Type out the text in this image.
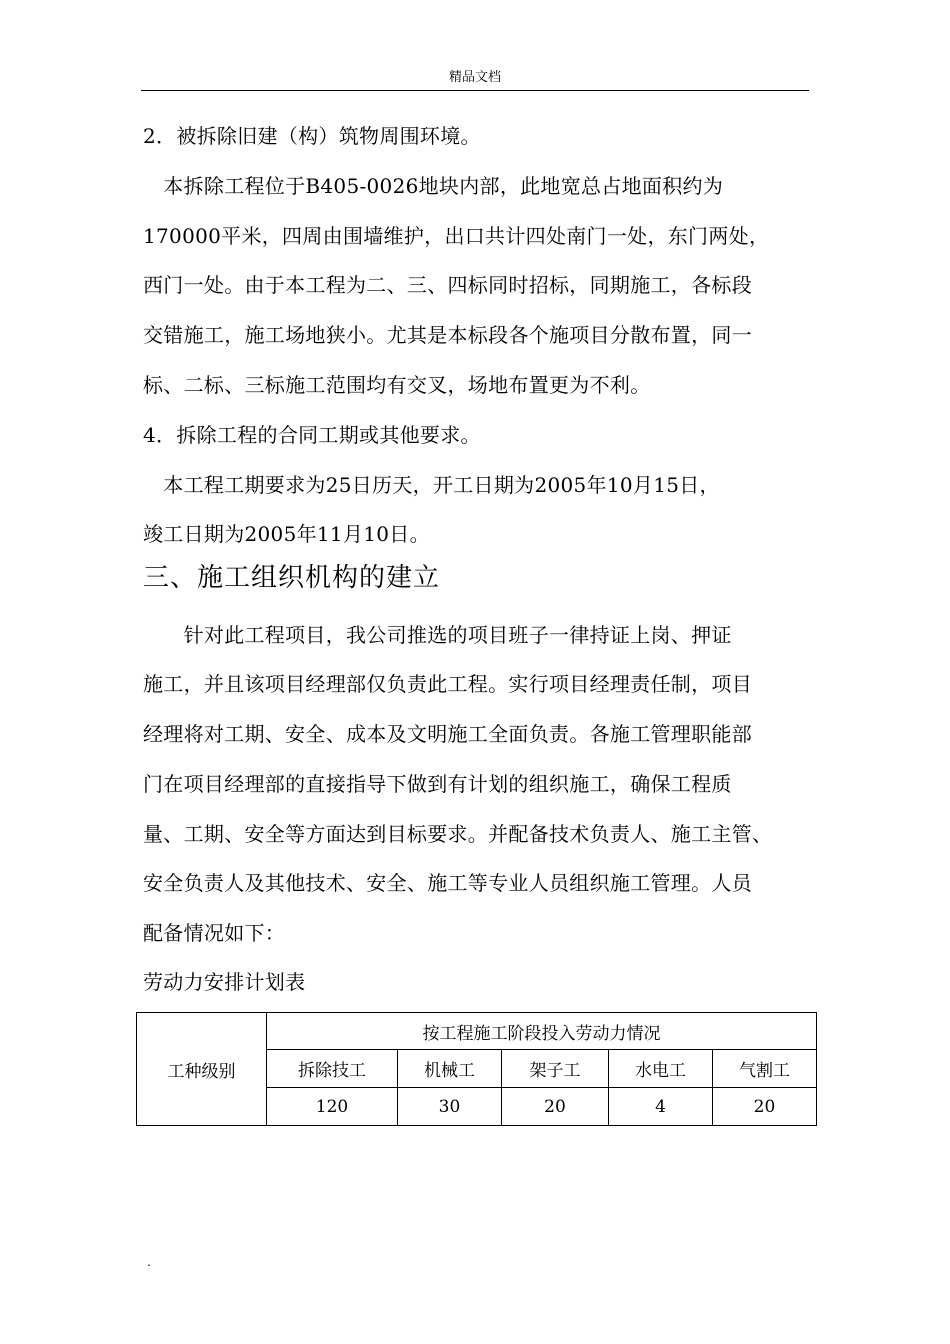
精品文档
2．被拆除旧建（构）筑物周围环境。
　本拆除工程位于B405-0026地块内部，此地宽总占地面积约为
170000平米，四周由围墙维护，出口共计四处南门一处，东门两处，
西门一处。由于本工程为二、三、四标同时招标，同期施工，各标段
交错施工，施工场地狭小。尤其是本标段各个施项目分散布置，同一
标、二标、三标施工范围均有交叉，场地布置更为不利。
4．拆除工程的合同工期或其他要求。
　本工程工期要求为25日历天，开工日期为2005年10月15日，
竣工日期为2005年11月10日。
三、施工组织机构的建立
　　针对此工程项目，我公司推选的项目班子一律持证上岗、押证
施工，并且该项目经理部仅负责此工程。实行项目经理责任制，项目
经理将对工期、安全、成本及文明施工全面负责。各施工管理职能部
门在项目经理部的直接指导下做到有计划的组织施工，确保工程质
量、工期、安全等方面达到目标要求。并配备技术负责人、施工主管、
安全负责人及其他技术、安全、施工等专业人员组织施工管理。人员
配备情况如下：
劳动力安排计划表
工种级别	按工程施工阶段投入劳动力情况				
	拆除技工	机械工	架子工	水电工	气割工
	120	30	20	4	20
.
